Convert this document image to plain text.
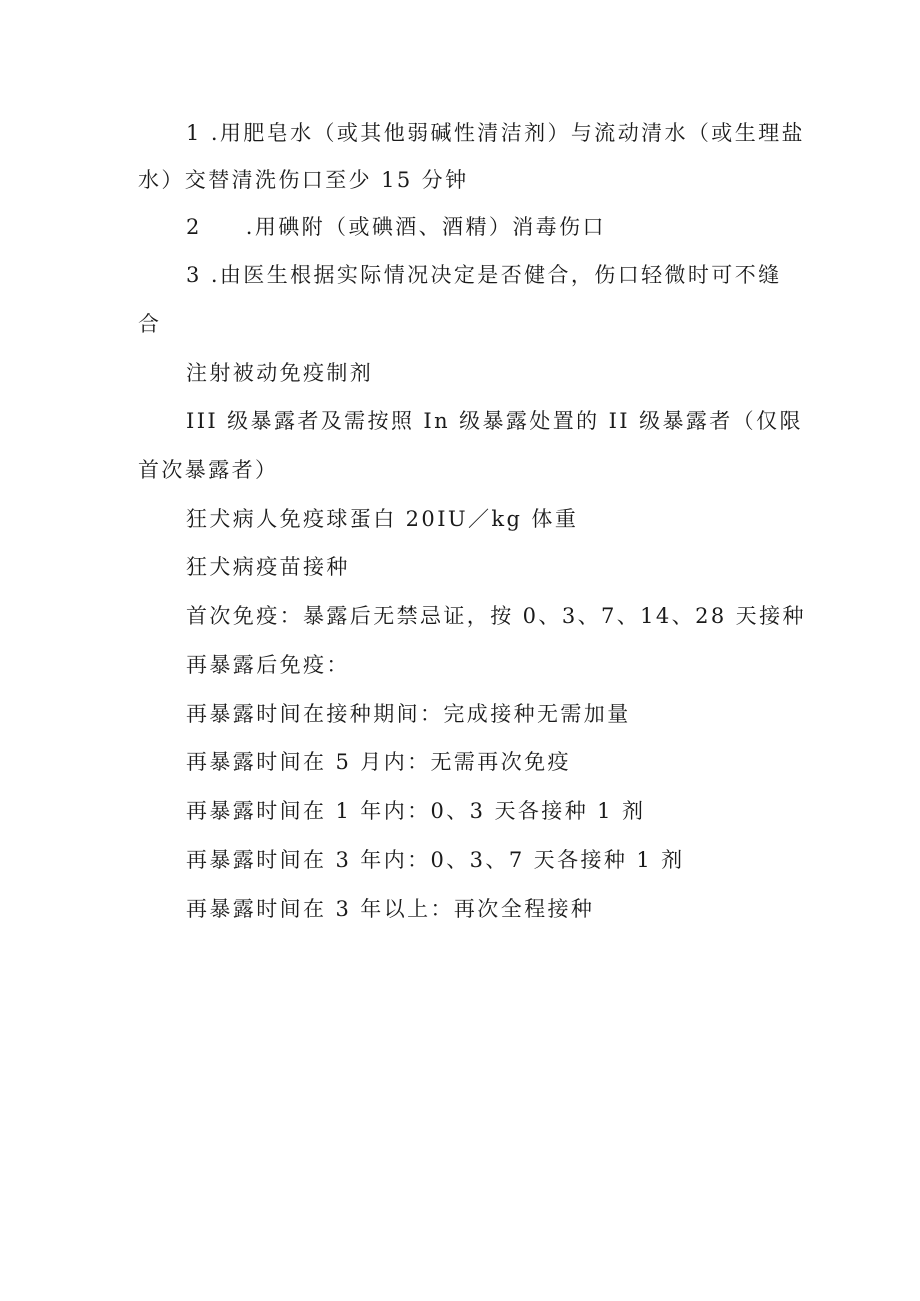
1 .用肥皂水（或其他弱碱性清洁剂）与流动清水（或生理盐
水）交替清洗伤口至少 15 分钟
2 .用碘附（或碘酒、酒精）消毒伤口
3 .由医生根据实际情况决定是否健合，伤口轻微时可不缝
合
注射被动免疫制剂
III 级暴露者及需按照 In 级暴露处置的 II 级暴露者（仅限
首次暴露者）
狂犬病人免疫球蛋白 20IU／kg 体重
狂犬病疫苗接种
首次免疫：暴露后无禁忌证，按 0、3、7、14、28 天接种
再暴露后免疫：
再暴露时间在接种期间：完成接种无需加量
再暴露时间在 5 月内：无需再次免疫
再暴露时间在 1 年内：0、3 天各接种 1 剂
再暴露时间在 3 年内：0、3、7 天各接种 1 剂
再暴露时间在 3 年以上：再次全程接种
